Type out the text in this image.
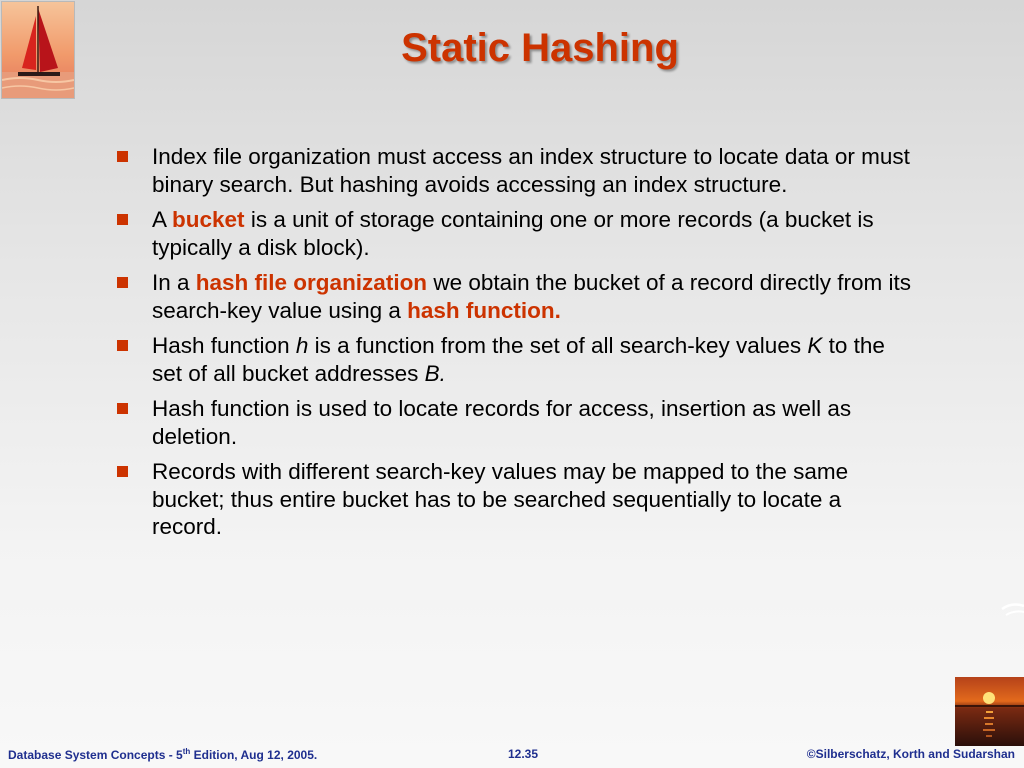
Static Hashing
Index file organization must access an index structure to locate data or must binary search. But hashing avoids accessing an index structure.
A bucket is a unit of storage containing one or more records (a bucket is typically a disk block).
In a hash file organization we obtain the bucket of a record directly from its search-key value using a hash function.
Hash function h is a function from the set of all search-key values K to the set of all bucket addresses B.
Hash function is used to locate records for access, insertion as well as deletion.
Records with different search-key values may be mapped to the same bucket; thus entire bucket has to be searched sequentially to locate a record.
Database System Concepts - 5th Edition, Aug 12, 2005.	12.35	©Silberschatz, Korth and Sudarshan
